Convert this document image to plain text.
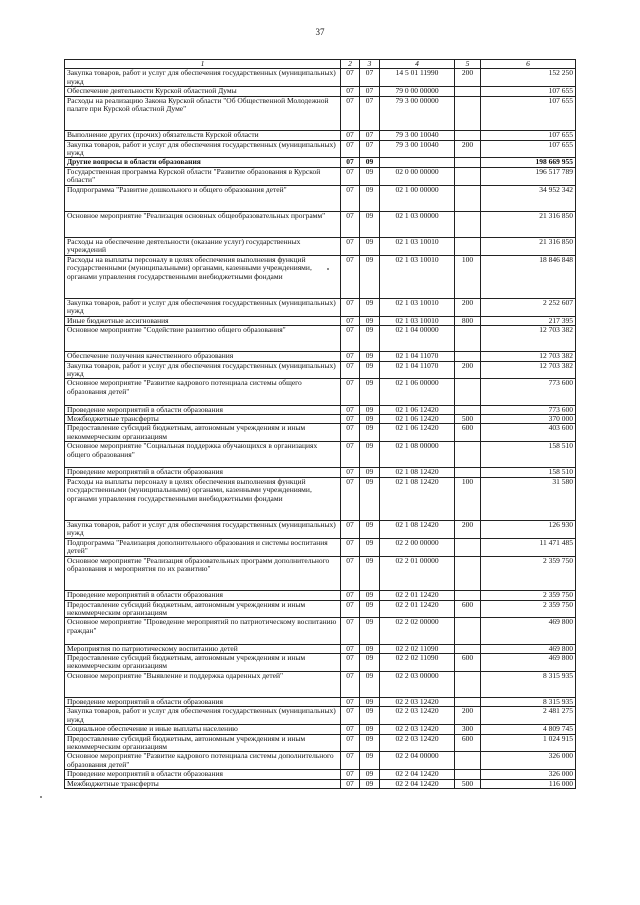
37
1	2	3	4	5	6
Закупка товаров, работ и услуг для обеспечения государственных (муниципальных) нужд	07	07	14 5 01 11990	200	152 250
Обеспечение деятельности Курской областной Думы	07	07	79 0 00 00000		107 655
Расходы на реализацию Закона Курской области "Об Общественной Молодежной палате при Курской областной Думе"	07	07	79 3 00 00000		107 655
Выполнение других (прочих) обязательств Курской области	07	07	79 3 00 10040		107 655
Закупка товаров, работ и услуг для обеспечения государственных (муниципальных) нужд	07	07	79 3 00 10040	200	107 655
Другие вопросы в области образования	07	09			198 669 955
Государственная программа Курской области "Развитие образования в Курской области"	07	09	02 0 00 00000		196 517 789
Подпрограмма "Развитие дошкольного и общего образования детей"	07	09	02 1 00 00000		34 952 342
Основное мероприятие "Реализация основных общеобразовательных программ"	07	09	02 1 03 00000		21 316 850
Расходы на обеспечение деятельности (оказание услуг) государственных учреждений	07	09	02 1 03 10010		21 316 850
Расходы на выплаты персоналу в целях обеспечения выполнения функций государственными (муниципальными) органами, казенными учреждениями, органами управления государственными внебюджетными фондами	07	09	02 1 03 10010	100	18 846 848
Закупка товаров, работ и услуг для обеспечения государственных (муниципальных) нужд	07	09	02 1 03 10010	200	2 252 607
Иные бюджетные ассигнования	07	09	02 1 03 10010	800	217 395
Основное мероприятие "Содействие развитию общего образования"	07	09	02 1 04 00000		12 703 382
Обеспечение получения качественного образования	07	09	02 1 04 11070		12 703 382
Закупка товаров, работ и услуг для обеспечения государственных (муниципальных) нужд	07	09	02 1 04 11070	200	12 703 382
Основное мероприятие "Развитие кадрового потенциала системы общего образования детей"	07	09	02 1 06 00000		773 600
Проведение мероприятий в области образования	07	09	02 1 06 12420		773 600
Межбюджетные трансферты	07	09	02 1 06 12420	500	370 000
Предоставление субсидий бюджетным, автономным учреждениям и иным некоммерческим организациям	07	09	02 1 06 12420	600	403 600
Основное мероприятие "Социальная поддержка обучающихся в организациях общего образования"	07	09	02 1 08 00000		158 510
Проведение мероприятий в области образования	07	09	02 1 08 12420		158 510
Расходы на выплаты персоналу в целях обеспечения выполнения функций государственными (муниципальными) органами, казенными учреждениями, органами управления государственными внебюджетными фондами	07	09	02 1 08 12420	100	31 580
Закупка товаров, работ и услуг для обеспечения государственных (муниципальных) нужд	07	09	02 1 08 12420	200	126 930
Подпрограмма "Реализация дополнительного образования и системы воспитания детей"	07	09	02 2 00 00000		11 471 485
Основное мероприятие "Реализация образовательных программ дополнительного образования и мероприятия по их развитию"	07	09	02 2 01 00000		2 359 750
Проведение мероприятий в области образования	07	09	02 2 01 12420		2 359 750
Предоставление субсидий бюджетным, автономным учреждениям и иным некоммерческим организациям	07	09	02 2 01 12420	600	2 359 750
Основное мероприятие "Проведение мероприятий по патриотическому воспитанию граждан"	07	09	02 2 02 00000		469 800
Мероприятия по патриотическому воспитанию детей	07	09	02 2 02 11090		469 800
Предоставление субсидий бюджетным, автономным учреждениям и иным некоммерческим организациям	07	09	02 2 02 11090	600	469 800
Основное мероприятие "Выявление и поддержка одаренных детей"	07	09	02 2 03 00000		8 315 935
Проведение мероприятий в области образования	07	09	02 2 03 12420		8 315 935
Закупка товаров, работ и услуг для обеспечения государственных (муниципальных) нужд	07	09	02 2 03 12420	200	2 481 275
Социальное обеспечение и иные выплаты населению	07	09	02 2 03 12420	300	4 809 745
Предоставление субсидий бюджетным, автономным учреждениям и иным некоммерческим организациям	07	09	02 2 03 12420	600	1 024 915
Основное мероприятие "Развитие кадрового потенциала системы дополнительного образования детей"	07	09	02 2 04 00000		326 000
Проведение мероприятий в области образования	07	09	02 2 04 12420		326 000
Межбюджетные трансферты	07	09	02 2 04 12420	500	116 000
